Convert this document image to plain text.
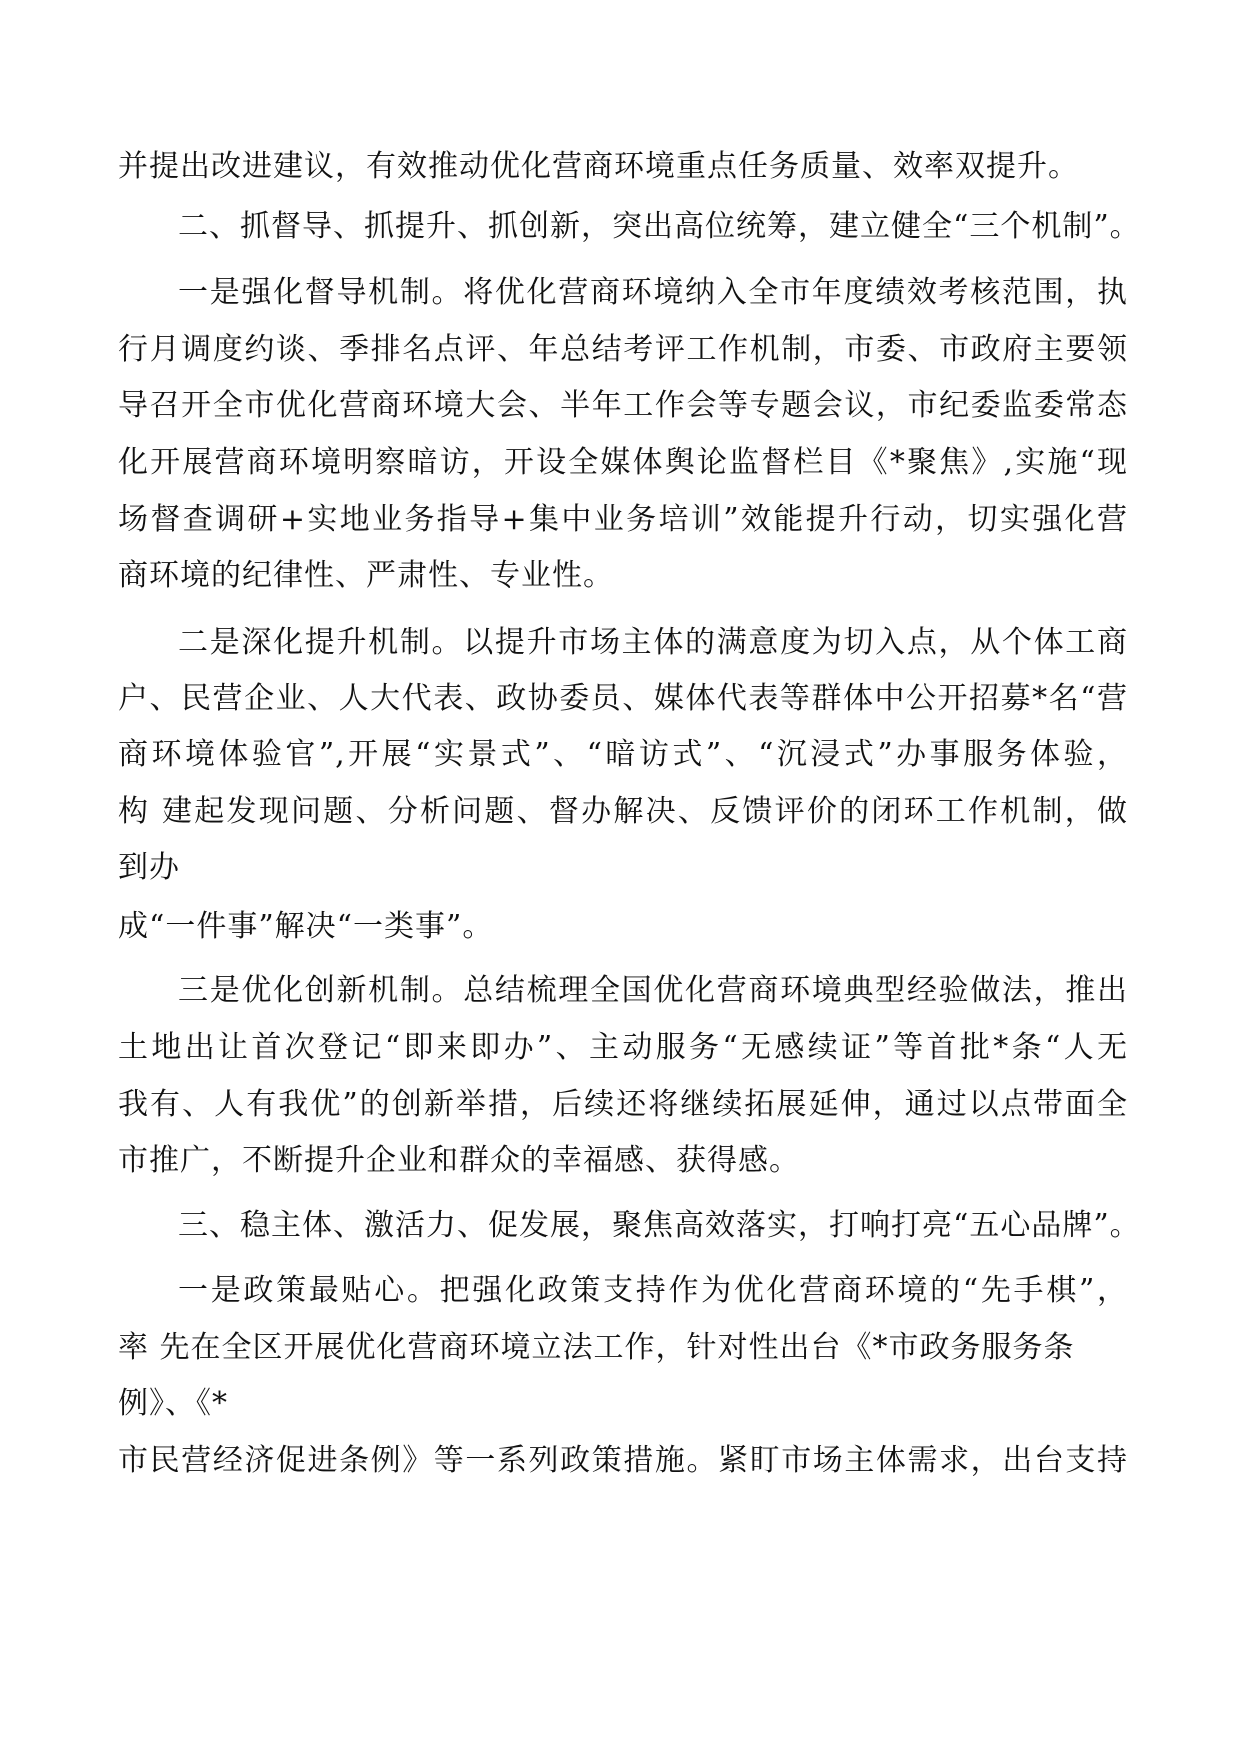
并提出改进建议，有效推动优化营商环境重点任务质量、效率双提升。
二、抓督导、抓提升、抓创新，突出高位统筹，建立健全“三个机制”。
一是强化督导机制。将优化营商环境纳入全市年度绩效考核范围，执
行月调度约谈、季排名点评、年总结考评工作机制，市委、市政府主要领
导召开全市优化营商环境大会、半年工作会等专题会议，市纪委监委常态
化开展营商环境明察暗访，开设全媒体舆论监督栏目《*聚焦》,实施“现
场督查调研+实地业务指导+集中业务培训”效能提升行动，切实强化营
商环境的纪律性、严肃性、专业性。
二是深化提升机制。以提升市场主体的满意度为切入点，从个体工商
户、民营企业、人大代表、政协委员、媒体代表等群体中公开招募*名“营
商环境体验官”,开展“实景式”、“暗访式”、“沉浸式”办事服务体验，
构 建起发现问题、分析问题、督办解决、反馈评价的闭环工作机制，做
到办
成“一件事”解决“一类事”。
三是优化创新机制。总结梳理全国优化营商环境典型经验做法，推出
土地出让首次登记“即来即办”、主动服务“无感续证”等首批*条“人无
我有、人有我优”的创新举措，后续还将继续拓展延伸，通过以点带面全
市推广，不断提升企业和群众的幸福感、获得感。
三、稳主体、激活力、促发展，聚焦高效落实，打响打亮“五心品牌”。
一是政策最贴心。把强化政策支持作为优化营商环境的“先手棋”，
率 先在全区开展优化营商环境立法工作，针对性出台《*市政务服务条
例》、《*
市民营经济促进条例》等一系列政策措施。紧盯市场主体需求，出台支持
